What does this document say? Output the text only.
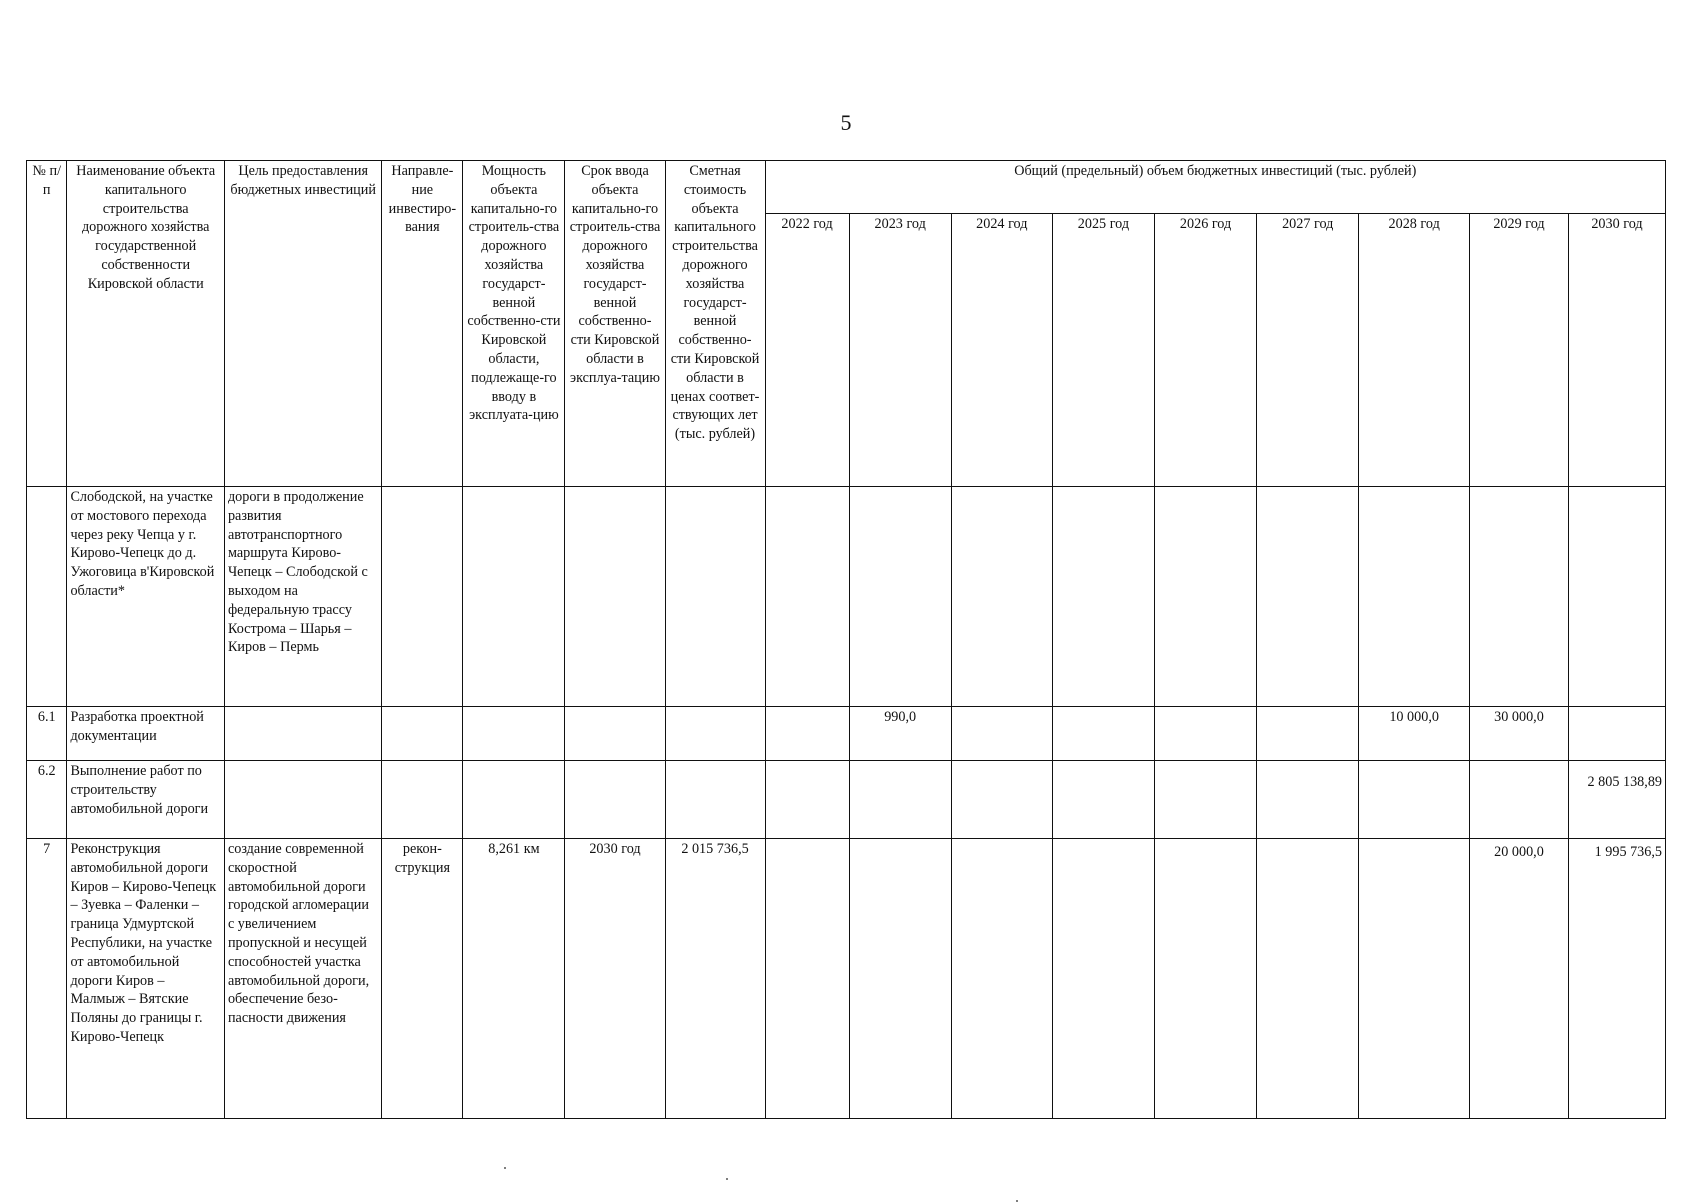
5
№ п/п	Наименование объекта капитального строительства дорожного хозяйства государственной собственности Кировской области	Цель предоставления бюджетных инвестиций	Направле-ние инвестиро-вания	Мощность объекта капитально-го строитель-ства дорожного хозяйства государст-венной собственно-сти Кировской области, подлежаще-го вводу в эксплуата-цию	Срок ввода объекта капитально-го строитель-ства дорожного хозяйства государст-венной собственно-сти Кировской области в эксплуа-тацию	Сметная стоимость объекта капитального строительства дорожного хозяйства государст-венной собственно-сти Кировской области в ценах соответ-ствующих лет (тыс. рублей)	Общий (предельный) объем бюджетных инвестиций (тыс. рублей)								
							2022 год	2023 год	2024 год	2025 год	2026 год	2027 год	2028 год	2029 год	2030 год
	Слободской, на участке от мостового перехода через реку Чепца у г. Кирово-Чепецк до д. Ужоговица в'Кировской области*	дороги в продолжение развития автотранспортного маршрута Кирово-Чепецк – Слободской с выходом на федеральную трассу Кострома – Шарья – Киров – Пермь													
6.1	Разработка проектной документации							990,0					10 000,0	30 000,0	
6.2	Выполнение работ по строительству автомобильной дороги														2 805 138,89
7	Реконструкция автомобильной дороги Киров – Кирово-Чепецк – Зуевка – Фаленки – граница Удмуртской Республики, на участке от автомобильной дороги Киров – Малмыж – Вятские Поляны до границы г. Кирово-Чепецк	создание современной скоростной автомобильной дороги городской агломерации с увеличением пропускной и несущей способностей участка автомобильной дороги, обеспечение безо-пасности движения	рекон-струкция	8,261 км	2030 год	2 015 736,5								20 000,0	1 995 736,5
